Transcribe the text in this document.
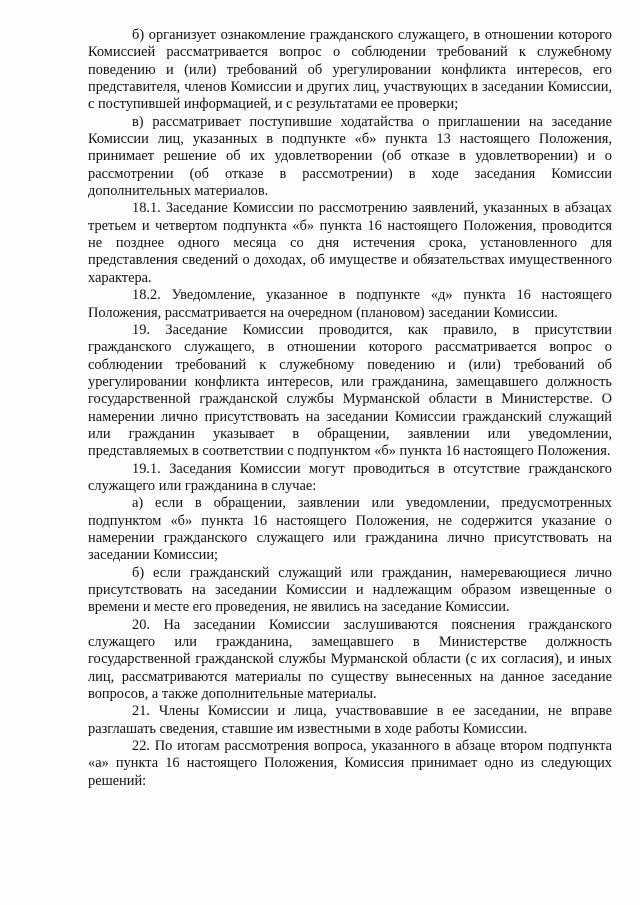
б) организует ознакомление гражданского служащего, в отношении которого Комиссией рассматривается вопрос о соблюдении требований к служебному поведению и (или) требований об урегулировании конфликта интересов, его представителя, членов Комиссии и других лиц, участвующих в заседании Комиссии, с поступившей информацией, и с результатами ее проверки;

в) рассматривает поступившие ходатайства о приглашении на заседание Комиссии лиц, указанных в подпункте «б» пункта 13 настоящего Положения, принимает решение об их удовлетворении (об отказе в удовлетворении) и о рассмотрении (об отказе в рассмотрении) в ходе заседания Комиссии дополнительных материалов.

18.1. Заседание Комиссии по рассмотрению заявлений, указанных в абзацах третьем и четвертом подпункта «б» пункта 16 настоящего Положения, проводится не позднее одного месяца со дня истечения срока, установленного для представления сведений о доходах, об имуществе и обязательствах имущественного характера.

18.2. Уведомление, указанное в подпункте «д» пункта 16 настоящего Положения, рассматривается на очередном (плановом) заседании Комиссии.

19. Заседание Комиссии проводится, как правило, в присутствии гражданского служащего, в отношении которого рассматривается вопрос о соблюдении требований к служебному поведению и (или) требований об урегулировании конфликта интересов, или гражданина, замещавшего должность государственной гражданской службы Мурманской области в Министерстве. О намерении лично присутствовать на заседании Комиссии гражданский служащий или гражданин указывает в обращении, заявлении или уведомлении, представляемых в соответствии с подпунктом «б» пункта 16 настоящего Положения.

19.1. Заседания Комиссии могут проводиться в отсутствие гражданского служащего или гражданина в случае:

а) если в обращении, заявлении или уведомлении, предусмотренных подпунктом «б» пункта 16 настоящего Положения, не содержится указание о намерении гражданского служащего или гражданина лично присутствовать на заседании Комиссии;

б) если гражданский служащий или гражданин, намеревающиеся лично присутствовать на заседании Комиссии и надлежащим образом извещенные о времени и месте его проведения, не явились на заседание Комиссии.

20. На заседании Комиссии заслушиваются пояснения гражданского служащего или гражданина, замещавшего в Министерстве должность государственной гражданской службы Мурманской области (с их согласия), и иных лиц, рассматриваются материалы по существу вынесенных на данное заседание вопросов, а также дополнительные материалы.

21. Члены Комиссии и лица, участвовавшие в ее заседании, не вправе разглашать сведения, ставшие им известными в ходе работы Комиссии.

22. По итогам рассмотрения вопроса, указанного в абзаце втором подпункта «а» пункта 16 настоящего Положения, Комиссия принимает одно из следующих решений:
